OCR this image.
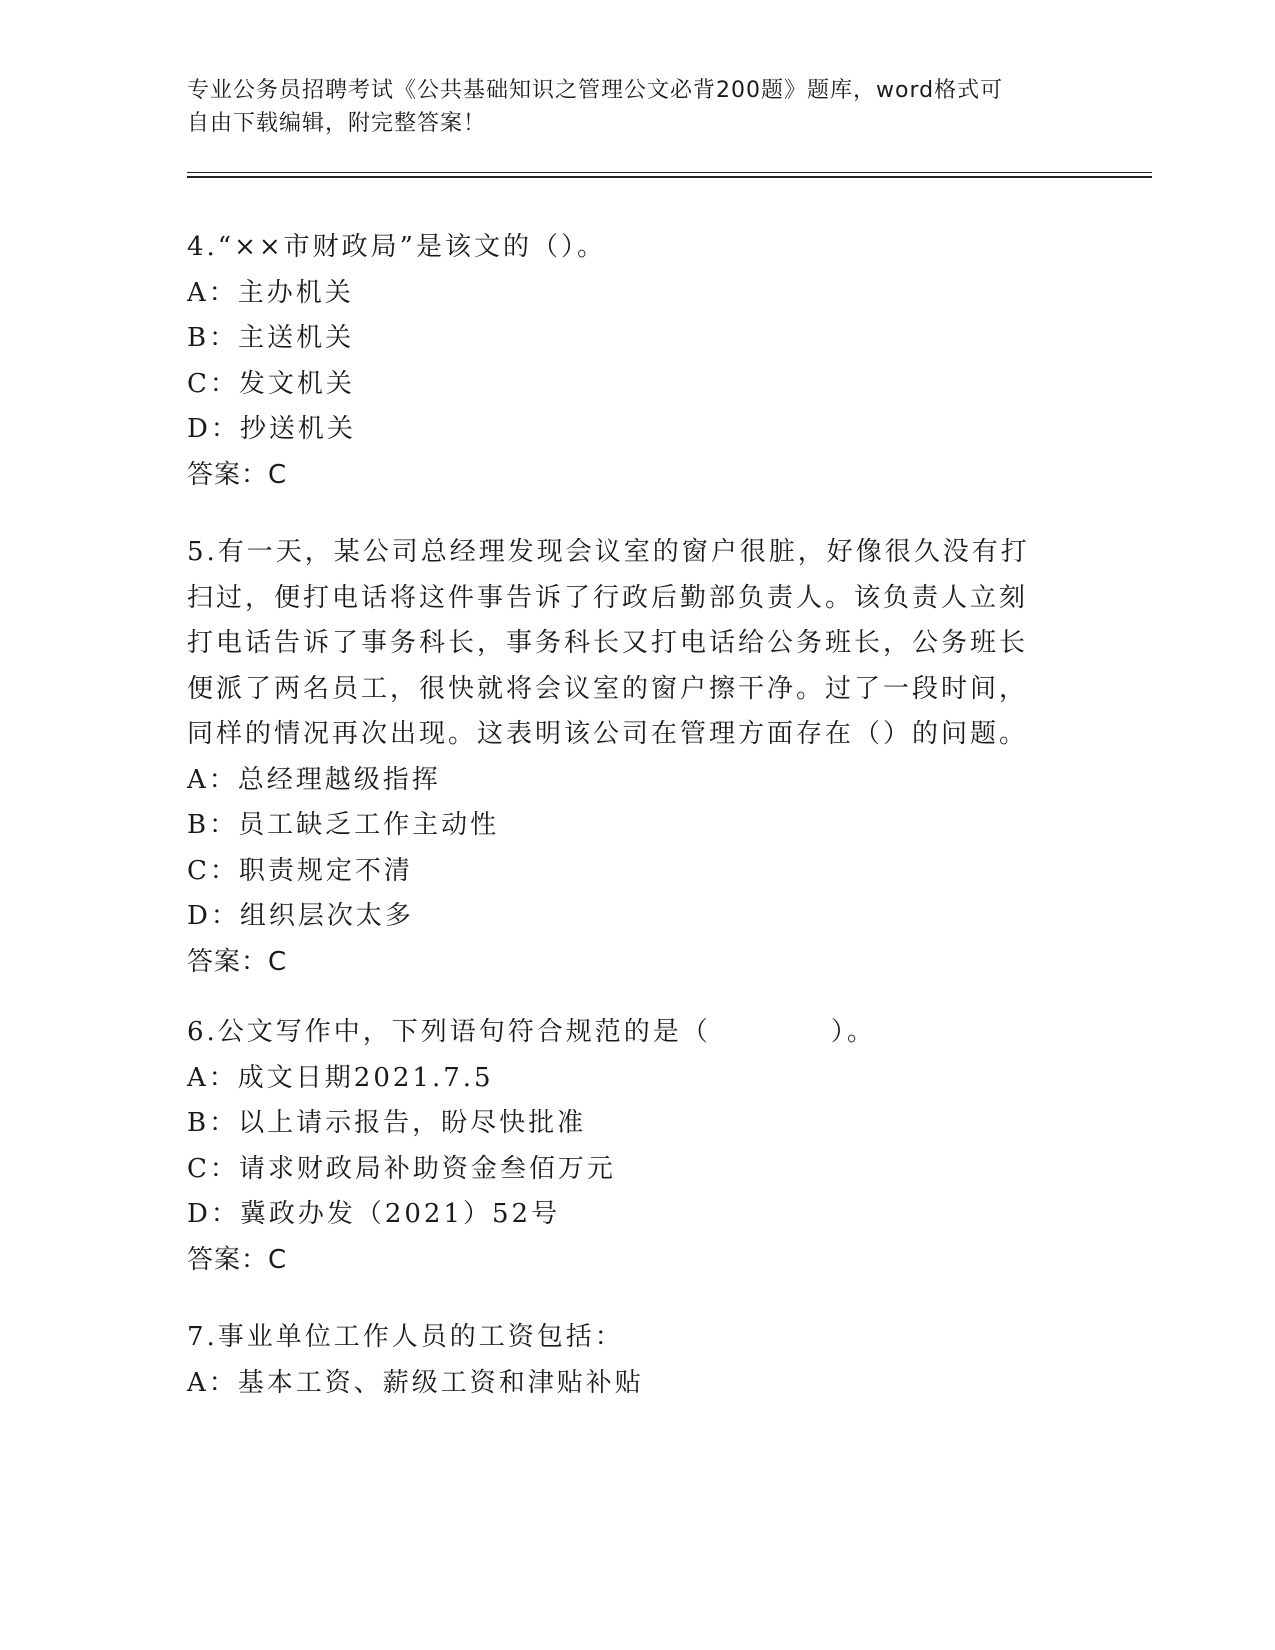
专业公务员招聘考试《公共基础知识之管理公文必背200题》题库，word格式可
自由下载编辑，附完整答案！
4.“××市财政局”是该文的（）。
A：主办机关
B：主送机关
C：发文机关
D：抄送机关
答案：C
5.有一天，某公司总经理发现会议室的窗户很脏，好像很久没有打扫过，便打电话将这件事告诉了行政后勤部负责人。该负责人立刻打电话告诉了事务科长，事务科长又打电话给公务班长，公务班长便派了两名员工，很快就将会议室的窗户擦干净。过了一段时间，同样的情况再次出现。这表明该公司在管理方面存在（）的问题。
A：总经理越级指挥
B：员工缺乏工作主动性
C：职责规定不清
D：组织层次太多
答案：C
6.公文写作中，下列语句符合规范的是（	）。
A：成文日期2021.7.5
B：以上请示报告，盼尽快批准
C：请求财政局补助资金叁佰万元
D：冀政办发（2021）52号
答案：C
7.事业单位工作人员的工资包括：
A：基本工资、薪级工资和津贴补贴
